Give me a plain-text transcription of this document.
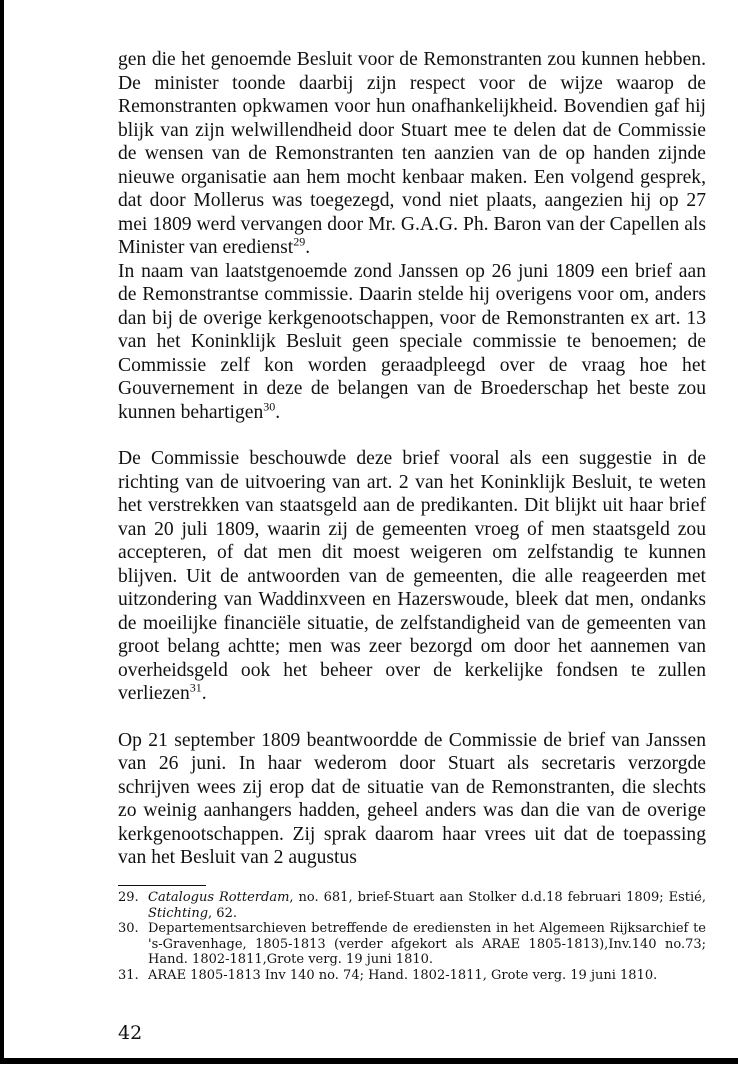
gen die het genoemde Besluit voor de Remonstranten zou kunnen hebben. De minister toonde daarbij zijn respect voor de wijze waarop de Remonstranten opkwamen voor hun onafhankelijkheid. Bovendien gaf hij blijk van zijn welwillendheid door Stuart mee te delen dat de Commissie de wensen van de Remonstranten ten aanzien van de op handen zijnde nieuwe organisatie aan hem mocht kenbaar maken. Een volgend gesprek, dat door Mollerus was toegezegd, vond niet plaats, aangezien hij op 27 mei 1809 werd vervangen door Mr. G.A.G. Ph. Baron van der Capellen als Minister van eredienst$^{29}$.

In naam van laatstgenoemde zond Janssen op 26 juni 1809 een brief aan de Remonstrantse commissie. Daarin stelde hij overigens voor om, anders dan bij de overige kerkgenootschappen, voor de Remonstranten ex art. 13 van het Koninklijk Besluit geen speciale commissie te benoemen; de Commissie zelf kon worden geraadpleegd over de vraag hoe het Gouvernement in deze de belangen van de Broederschap het beste zou kunnen behartigen$^{30}$.

De Commissie beschouwde deze brief vooral als een suggestie in de richting van de uitvoering van art. 2 van het Koninklijk Besluit, te weten het verstrekken van staatsgeld aan de predikanten. Dit blijkt uit haar brief van 20 juli 1809, waarin zij de gemeenten vroeg of men staatsgeld zou accepteren, of dat men dit moest weigeren om zelfstandig te kunnen blijven. Uit de antwoorden van de gemeenten, die alle reageerden met uitzondering van Waddinxveen en Hazerswoude, bleek dat men, ondanks de moeilijke financiële situatie, de zelfstandigheid van de gemeenten van groot belang achtte; men was zeer bezorgd om door het aannemen van overheidsgeld ook het beheer over de kerkelijke fondsen te zullen verliezen$^{31}$.

Op 21 september 1809 beantwoordde de Commissie de brief van Janssen van 26 juni. In haar wederom door Stuart als secretaris verzorgde schrijven wees zij erop dat de situatie van de Remonstranten, die slechts zo weinig aanhangers hadden, geheel anders was dan die van de overige kerkgenootschappen. Zij sprak daarom haar vrees uit dat de toepassing van het Besluit van 2 augustus

29. Catalogus Rotterdam, no. 681, brief-Stuart aan Stolker d.d.18 februari 1809; Estié, Stichting, 62.
30. Departementsarchieven betreffende de erediensten in het Algemeen Rijksarchief te 's-Gravenhage, 1805-1813 (verder afgekort als ARAE 1805-1813),Inv.140 no.73; Hand. 1802-1811,Grote verg. 19 juni 1810.
31. ARAE 1805-1813 Inv 140 no. 74; Hand. 1802-1811, Grote verg. 19 juni 1810.
42
